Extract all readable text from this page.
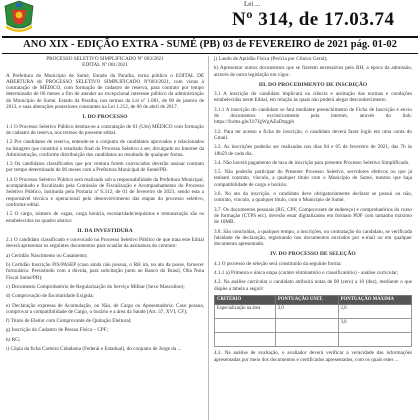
Lei ...
Nº 314, de 17.03.74
ANO XIX - EDIÇÃO EXTRA - SUMÉ (PB) 03 de FEVEREIRO de 2021 pág. 01-02
PROCESSO SELETIVO SIMPLIFICADO Nº 003/2021
EDITAL Nº 001/2021

A Prefeitura do Município de Sumé, Estado da Paraíba, torna público o EDITAL DE ABERTURA do PROCESSO SELETIVO SIMPLIFICADO Nº003/2021, com vistas à contratação de MÉDICO, com formação de cadastro de reserva, para contrato por tempo determinado de 06 meses a fim de atender ao excepcional interesse público da administração do Município de Sumé, Estado da Paraíba, nos termos da Lei nº 1.081, de 08 de janeiro de 2013, e suas alterações posteriores constantes na Lei 1.212, de 06 de abril de 2017.

I. DO PROCESSO

1.1 O Processo Seletivo Público destina-se a contratação de 01 (Um) MÉDICO com formação de cadastro de reserva, nos termos do presente edital.

1.2 Por candidatos de reserva, entende-se o conjunto de candidatos aprovados e relacionados na listagem que constitui o resultado final do Processo Seletivo a ser, divulgado no Internet da Administração, conforme distribuição dos candidatos ao resultado de qualquer forma.

1.3 Os candidatos classificados que por ventura forem convocados deverão assinar contrato por tempo determinado de 06 meses com a Prefeitura Municipal de Sumé/PB.

1.4 O Processo Seletivo Público será realizado sob a responsabilidade da Prefeitura Municipal, acompanhado e fiscalizado pela Comissão de Fiscalização e Acompanhamento do Processo Seletivo Público, instituída pela Portaria nº 6.312, de 01 de fevereiro de 2021, sendo esta a responsável técnica e operacional pelo desenvolvimento das etapas do processo seletivo, conforme edital.

1.5 O cargo, número de vagas, carga horária, escolaridade/requisitos e remuneração são os estabelecidos no quadro abaixo:

II. DA INVESTIDURA

2.1 O candidato classificado e convocado no Processo Seletivo Público de que trata este Edital deverá apresentar os seguintes documentos para ocasião da assinatura do contrato:

a) Certidão Nascimento ou Casamento;

b) Certidão Inscrição PIS/PASEP (caso ainda não possua, o RH irá, no ato da posse, fornecer formulário. Persistindo com a dúvida, para solicitação junto ao Banco do Brasil, Oba Nota Fiscal Sumé/PB);

c) Documento Comprobatório de Regularização do Serviço Militar (Sexo Masculino);

d) Comprovação de Escolaridade Exigida;

e) Declaração expressa de Acumulação, ou Não, de Cargo ou Aposentadoria. Caso possua, comprovar a compatibilidade de Cargo, o horário e a área da Saúde (Art. 37, XVI, CF);

f) Título de Eleitor com Comprovante de Quitação Eleitoral;

g) Inscrição do Cadastro de Pessoa Física – CPF;

h) RG;

i) Cópia da ficha Carteira Cidadania (Federal e Estadual), do conjunto de Jorge da ...

j) Laudo de Aptidão Física (Perícia por Clínico Geral);

k) Apresentar outros documentos que se fizerem necessários pelo RH, a época da admissão, através de outra legislação em vigor.

III. DO PROCEDIMENTO DE INSCRIÇÃO

3.1 A inscrição do candidato implicará na ciência e aceitação das normas e condições estabelecidas neste Edital, em relação às quais não poderá alegar desconhecimento.

3.1.1 A inscrição do candidato se fará mediante preenchimento de Ficha de Inscrição e envio de documentos exclusivamente pela internet, através do link: https://forms.gle/Ut7JgWgAEaDtzgph

3.2. Para ter acesso a ficha de inscrição, o candidato deverá fazer login em uma conta do Gmail.

3.3. As inscrições poderão ser realizadas nos dias 04 e 05 de fevereiro de 2021, das 7h às 18h59 de cada dia.

3.4. Não haverá pagamento de taxa de inscrição para presente Processo Seletivo Simplificado.

3.5. Não poderão participar do Presente Processo Seletivo, servidores efetivos ou que já tenham contrato, vínculo, a qualquer título com o Município de Sumé, mesmo que haja compatibilidade de cargo e horário.

3.6. No ato da inscrição, o candidato deve obrigatoriamente declarar se possui ou não, contrato, vínculo, a qualquer título, com o Município de Sumé.

3.7. Os documentos pessoais (RG, CPF, Comprovante de endereço) e comprobatórios do curso de formação (CTPS etc), deverão estar digitalizados em formato PDF com tamanho máximo de 10MB.

3.8. São concluídas, a qualquer tempo, a inscrições, ou contratação do candidato, se verificada falsidade de declaração, registrando nos documentos enviados por e-mail ou em qualquer documento apresentado.

IV. DO PROCESSO DE SELEÇÃO

4.1 O processo de seleção será constituído da seguinte forma:

4.1.1 a) Primeira e única etapa (caráter eliminatório e classificatório) - análise curricular;

4.2. Na análise curricular o candidato atribuirá notas de 00 (zero) a 10 (dez), mediante o que dispõe a tabela a seguir:

CRITÉRIO	PONTUAÇÃO UNIT.	PONTUAÇÃO MÁXIMA
Especialização na área	2,0	2,0
		3,0

4.3. Na análise de avaliação, o avaliador deverá verificar a veracidade das informações apresentadas por meio dos documentos e certificados apresentados, com os quais estes ...
